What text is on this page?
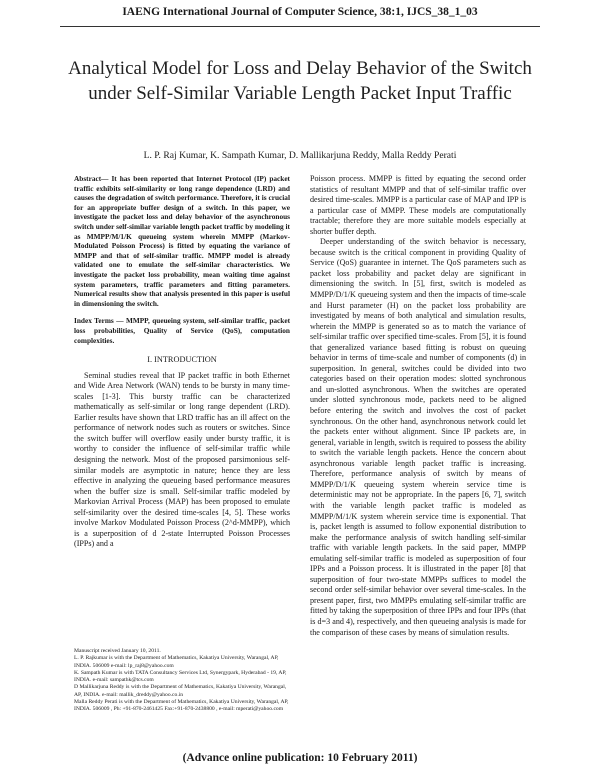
IAENG International Journal of Computer Science, 38:1, IJCS_38_1_03
Analytical Model for Loss and Delay Behavior of the Switch under Self-Similar Variable Length Packet Input Traffic
L. P. Raj Kumar, K. Sampath Kumar, D. Mallikarjuna Reddy, Malla Reddy Perati

Abstract— It has been reported that Internet Protocol (IP) packet traffic exhibits self-similarity or long range dependence (LRD) and causes the degradation of switch performance. Therefore, it is crucial for an appropriate buffer design of a switch. In this paper, we investigate the packet loss and delay behavior of the asynchronous switch under self-similar variable length packet traffic by modeling it as MMPP/M/1/K queueing system wherein MMPP (Markov-Modulated Poisson Process) is fitted by equating the variance of MMPP and that of self-similar traffic. MMPP model is already validated one to emulate the self-similar characteristics. We investigate the packet loss probability, mean waiting time against system parameters, traffic parameters and fitting parameters. Numerical results show that analysis presented in this paper is useful in dimensioning the switch.

Index Terms — MMPP, queueing system, self-similar traffic, packet loss probabilities, Quality of Service (QoS), computation complexities.

I. INTRODUCTION

Seminal studies reveal that IP packet traffic in both Ethernet and Wide Area Network (WAN) tends to be bursty in many time-scales [1-3]. This bursty traffic can be characterized mathematically as self-similar or long range dependent (LRD). Earlier results have shown that LRD traffic has an ill affect on the performance of network nodes such as routers or switches. Since the switch buffer will overflow easily under bursty traffic, it is worthy to consider the influence of self-similar traffic while designing the network. Most of the proposed parsimonious self-similar models are asymptotic in nature; hence they are less effective in analyzing the queueing based performance measures when the buffer size is small. Self-similar traffic modeled by Markovian Arrival Process (MAP) has been proposed to emulate self-similarity over the desired time-scales [4, 5]. These works involve Markov Modulated Poisson Process (2^d-MMPP), which is a superposition of d 2-state Interrupted Poisson Processes (IPPs) and a

Manuscript received January 10, 2011.

L. P. Rajkumar is with the Department of Mathematics, Kakatiya University, Warangal, AP, INDIA. 506009 e-mail: lp_raj8@yahoo.com

K. Sampath Kumar is with TATA Consultancy Services Ltd, Synergypark, Hyderabad - 19, AP, INDIA. e-mail: sampathk@tcs.com

D Mallikarjuna Reddy is with the Department of Mathematics, Kakatiya University, Warangal, AP, INDIA. e-mail: mallik_dreddy@yahoo.co.in

Malla Reddy Perati is with the Department of Mathematics, Kakatiya University, Warangal, AP, INDIA. 506009 , Ph: +91-870-2461425 Fax:+91-870-2438800 , e-mail: mperati@yahoo.com

Poisson process. MMPP is fitted by equating the second order statistics of resultant MMPP and that of self-similar traffic over desired time-scales. MMPP is a particular case of MAP and IPP is a particular case of MMPP. These models are computationally tractable; therefore they are more suitable models especially at shorter buffer depth.

Deeper understanding of the switch behavior is necessary, because switch is the critical component in providing Quality of Service (QoS) guarantee in internet. The QoS parameters such as packet loss probability and packet delay are significant in dimensioning the switch. In [5], first, switch is modeled as MMPP/D/1/K queueing system and then the impacts of time-scale and Hurst parameter (H) on the packet loss probability are investigated by means of both analytical and simulation results, wherein the MMPP is generated so as to match the variance of self-similar traffic over specified time-scales. From [5], it is found that generalized variance based fitting is robust on queuing behavior in terms of time-scale and number of components (d) in superposition. In general, switches could be divided into two categories based on their operation modes: slotted synchronous and un-slotted asynchronous. When the switches are operated under slotted synchronous mode, packets need to be aligned before entering the switch and involves the cost of packet synchronous. On the other hand, asynchronous network could let the packets enter without alignment. Since IP packets are, in general, variable in length, switch is required to possess the ability to switch the variable length packets. Hence the concern about asynchronous variable length packet traffic is increasing. Therefore, performance analysis of switch by means of MMPP/D/1/K queueing system wherein service time is deterministic may not be appropriate. In the papers [6, 7], switch with the variable length packet traffic is modeled as MMPP/M/1/K system wherein service time is exponential. That is, packet length is assumed to follow exponential distribution to make the performance analysis of switch handling self-similar traffic with variable length packets. In the said paper, MMPP emulating self-similar traffic is modeled as superposition of four IPPs and a Poisson process. It is illustrated in the paper [8] that superposition of four two-state MMPPs suffices to model the second order self-similar behavior over several time-scales. In the present paper, first, two MMPPs emulating self-similar traffic are fitted by taking the superposition of three IPPs and four IPPs (that is d=3 and 4), respectively, and then queueing analysis is made for the comparison of these cases by means of simulation results.

(Advance online publication: 10 February 2011)
